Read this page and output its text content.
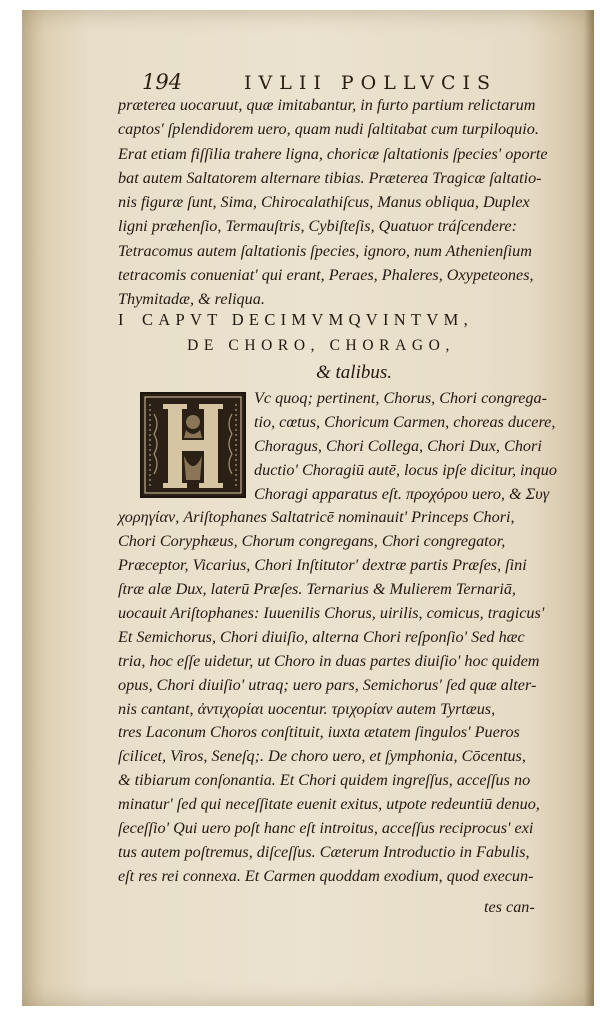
194	IVLII POLLVCIS
præterea uocaruut, quæ imitabantur, in furto partium relictarum
captos' ſplendidorem uero, quam nudi ſaltitabat cum turpiloquio.
Erat etiam fiſſilia trahere ligna, choricæ ſaltationis ſpecies' oporte
bat autem Saltatorem alternare tibias. Præterea Tragicæ ſaltatio-
nis figuræ ſunt, Sima, Chirocalathiſcus, Manus obliqua, Duplex
ligni præhenſio, Termauſtris, Cybiſteſis, Quatuor tráſcendere:
Tetracomus autem ſaltationis ſpecies, ignoro, num Athenienſium
tetracomis conueniat' qui erant, Peraes, Phaleres, Oxypeteones,
Thymitadæ, & reliqua.
I CAPVT DECIMVMQVINTVM,
DE CHORO, CHORAGO,
& talibus.
Vc quoq; pertinent, Chorus, Chori congrega-
tio, cœtus, Choricum Carmen, choreas ducere,
Choragus, Chori Collega, Chori Dux, Chori
ductio' Choragiū autē, locus ipſe dicitur, inquo
Choragi apparatus eſt. προχόρου uero, & Συγ
χορηγίαν, Ariſtophanes Saltatricē nominauit' Princeps Chori,
Chori Coryphæus, Chorum congregans, Chori congregator,
Præceptor, Vicarius, Chori Inſtitutor' dextræ partis Præſes, ſini
ſtræ alæ Dux, laterū Præſes. Ternarius & Mulierem Ternariā,
uocauit Ariſtophanes: Iuuenilis Chorus, uirilis, comicus, tragicus'
Et Semichorus, Chori diuiſio, alterna Chori reſponſio' Sed hæc
tria, hoc eſſe uidetur, ut Choro in duas partes diuiſio' hoc quidem
opus, Chori diuiſio' utraq; uero pars, Semichorus' ſed quæ alter-
nis cantant, ἀντιχορίαι uocentur. τριχορίαν autem Tyrtæus,
tres Laconum Choros conſtituit, iuxta ætatem ſingulos' Pueros
ſcilicet, Viros, Seneſq;. De choro uero, et ſymphonia, Cōcentus,
& tibiarum conſonantia. Et Chori quidem ingreſſus, acceſſus no
minatur' ſed qui neceſſitate euenit exitus, utpote redeuntiū denuo,
ſeceſſio' Qui uero poſt hanc eſt introitus, acceſſus reciprocus' exi
tus autem poſtremus, diſceſſus. Cæterum Introductio in Fabulis,
eſt res rei connexa. Et Carmen quoddam exodium, quod execun-
tes can-
